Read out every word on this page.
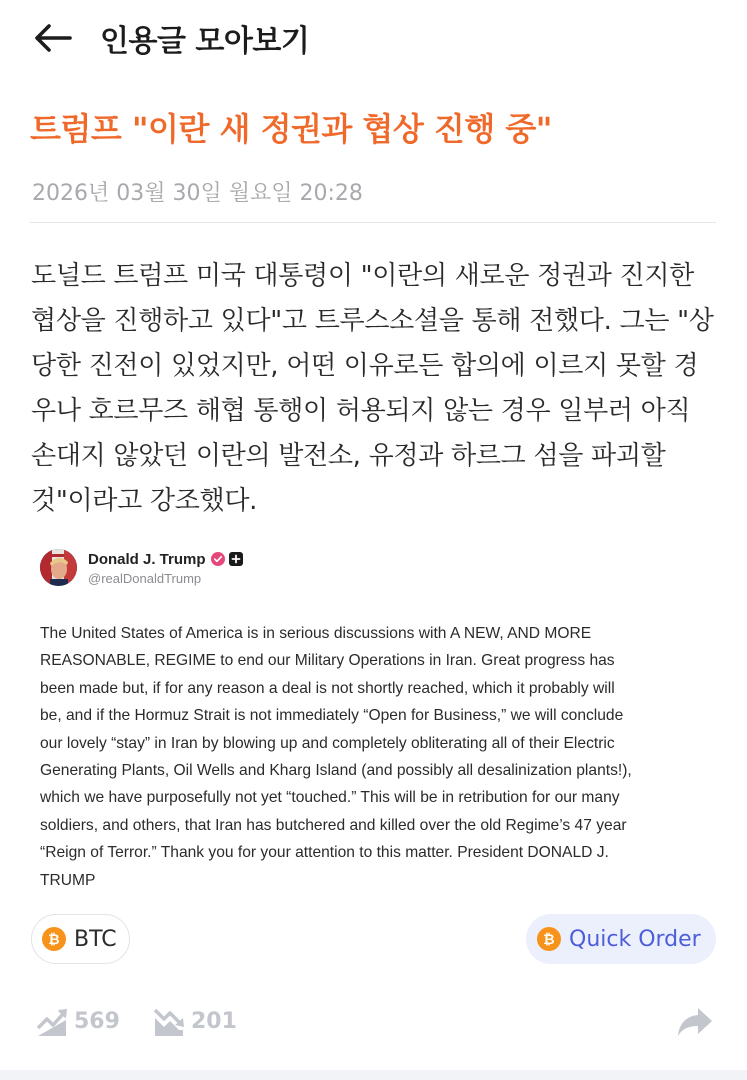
인용글 모아보기
트럼프 "이란 새 정권과 협상 진행 중"
2026년 03월 30일 월요일 20:28
도널드 트럼프 미국 대통령이 "이란의 새로운 정권과 진지한 협상을 진행하고 있다"고 트루스소셜을 통해 전했다. 그는 "상당한 진전이 있었지만, 어떤 이유로든 합의에 이르지 못할 경우나 호르무즈 해협 통행이 허용되지 않는 경우 일부러 아직 손대지 않았던 이란의 발전소, 유정과 하르그 섬을 파괴할 것"이라고 강조했다.
Donald J. Trump
@realDonaldTrump
The United States of America is in serious discussions with A NEW, AND MORE
REASONABLE, REGIME to end our Military Operations in Iran. Great progress has
been made but, if for any reason a deal is not shortly reached, which it probably will
be, and if the Hormuz Strait is not immediately “Open for Business,” we will conclude
our lovely “stay” in Iran by blowing up and completely obliterating all of their Electric
Generating Plants, Oil Wells and Kharg Island (and possibly all desalinization plants!),
which we have purposefully not yet “touched.” This will be in retribution for our many
soldiers, and others, that Iran has butchered and killed over the old Regime’s 47 year
“Reign of Terror.” Thank you for your attention to this matter. President DONALD J.
TRUMP
₿ BTC	₿ Quick Order
569	201
